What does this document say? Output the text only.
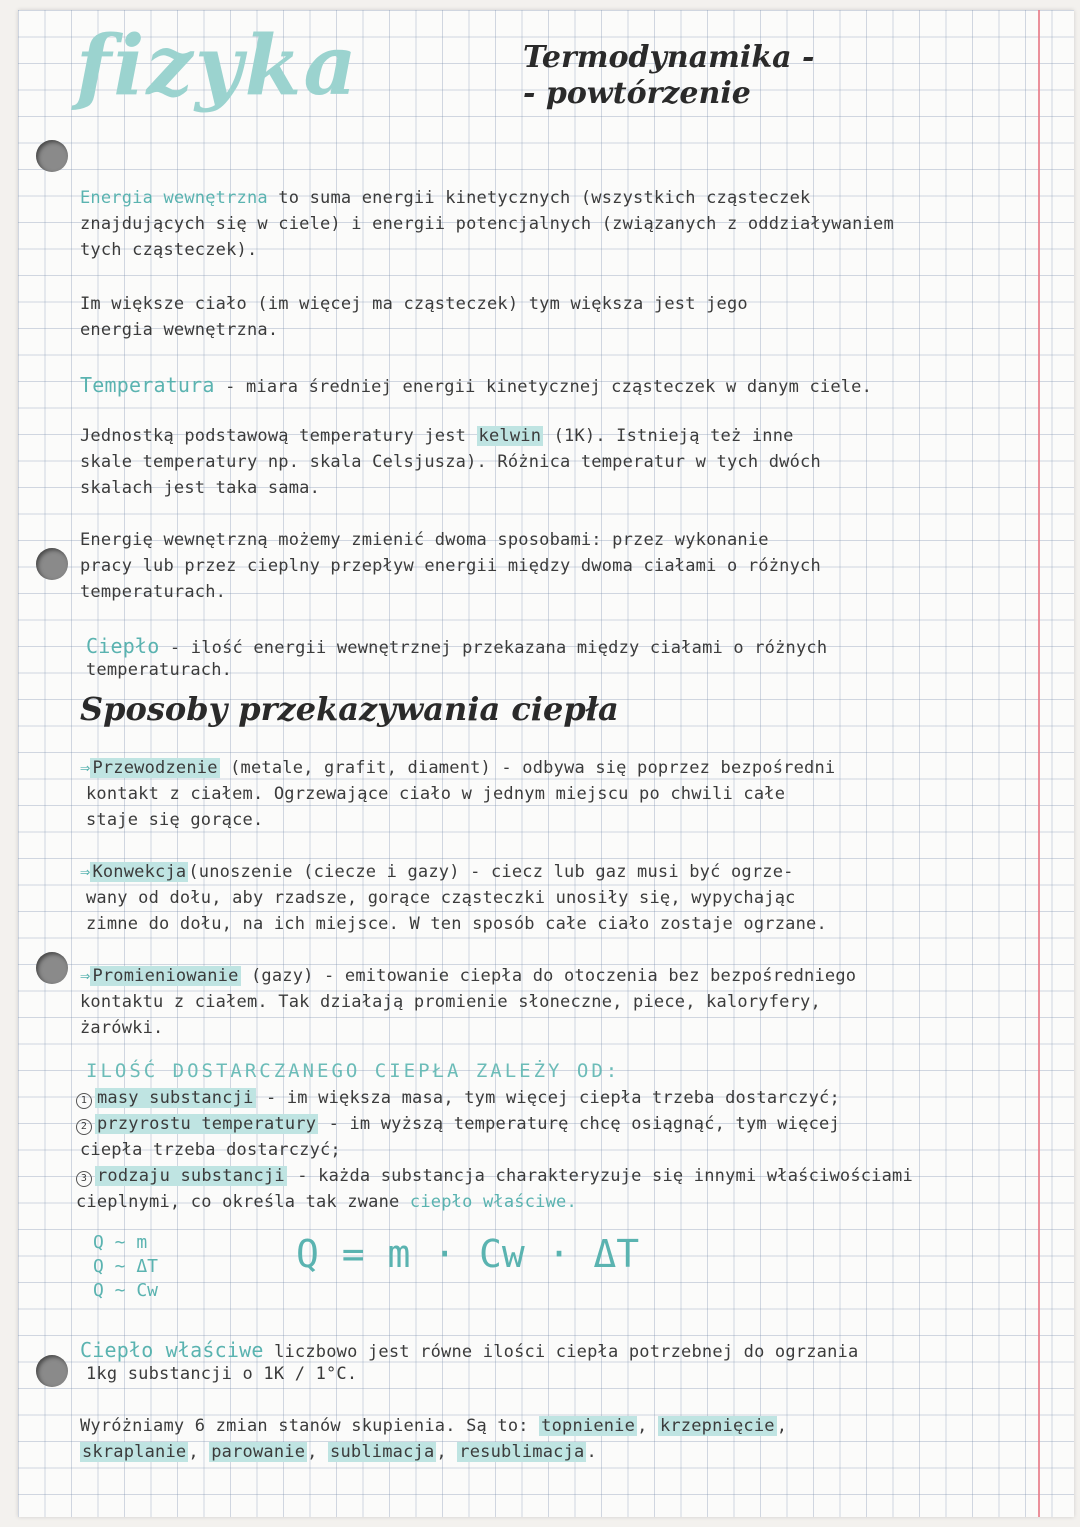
fizyka	Termodynamika -
- powtórzenie
Energia wewnętrzna to suma energii kinetycznych (wszystkich cząsteczek
znajdujących się w ciele) i energii potencjalnych (związanych z oddziaływaniem
tych cząsteczek).
Im większe ciało (im więcej ma cząsteczek) tym większa jest jego
energia wewnętrzna.
Temperatura - miara średniej energii kinetycznej cząsteczek w danym ciele.
Jednostką podstawową temperatury jest kelwin (1K). Istnieją też inne
skale temperatury np. skala Celsjusza). Różnica temperatur w tych dwóch
skalach jest taka sama.
Energię wewnętrzną możemy zmienić dwoma sposobami: przez wykonanie
pracy lub przez cieplny przepływ energii między dwoma ciałami o różnych
temperaturach.
Ciepło - ilość energii wewnętrznej przekazana między ciałami o różnych
temperaturach.
Sposoby przekazywania ciepła
⇒ Przewodzenie (metale, grafit, diament) - odbywa się poprzez bezpośredni
kontakt z ciałem. Ogrzewające ciało w jednym miejscu po chwili całe
staje się gorące.
⇒ Konwekcja (unoszenie (ciecze i gazy) - ciecz lub gaz musi być ogrze-
wany od dołu, aby rzadsze, gorące cząsteczki unosiły się, wypychając
zimne do dołu, na ich miejsce. W ten sposób całe ciało zostaje ogrzane.
⇒ Promieniowanie (gazy) - emitowanie ciepła do otoczenia bez bezpośredniego
kontaktu z ciałem. Tak działają promienie słoneczne, piece, kaloryfery,
żarówki.
ILOŚĆ DOSTARCZANEGO CIEPŁA ZALEŻY OD:
1 masy substancji - im większa masa, tym więcej ciepła trzeba dostarczyć;
2 przyrostu temperatury - im wyższą temperaturę chcę osiągnąć, tym więcej
ciepła trzeba dostarczyć;
3 rodzaju substancji - każda substancja charakteryzuje się innymi właściwościami
cieplnymi, co określa tak zwane ciepło właściwe.
Q ~ m
Q ~ ΔT
Q ~ Cw
Q = m · Cw · ΔT
Ciepło właściwe liczbowo jest równe ilości ciepła potrzebnej do ogrzania
1kg substancji o 1K / 1°C.
Wyróżniamy 6 zmian stanów skupienia. Są to: topnienie , krzepnięcie ,
skraplanie , parowanie , sublimacja , resublimacja .
